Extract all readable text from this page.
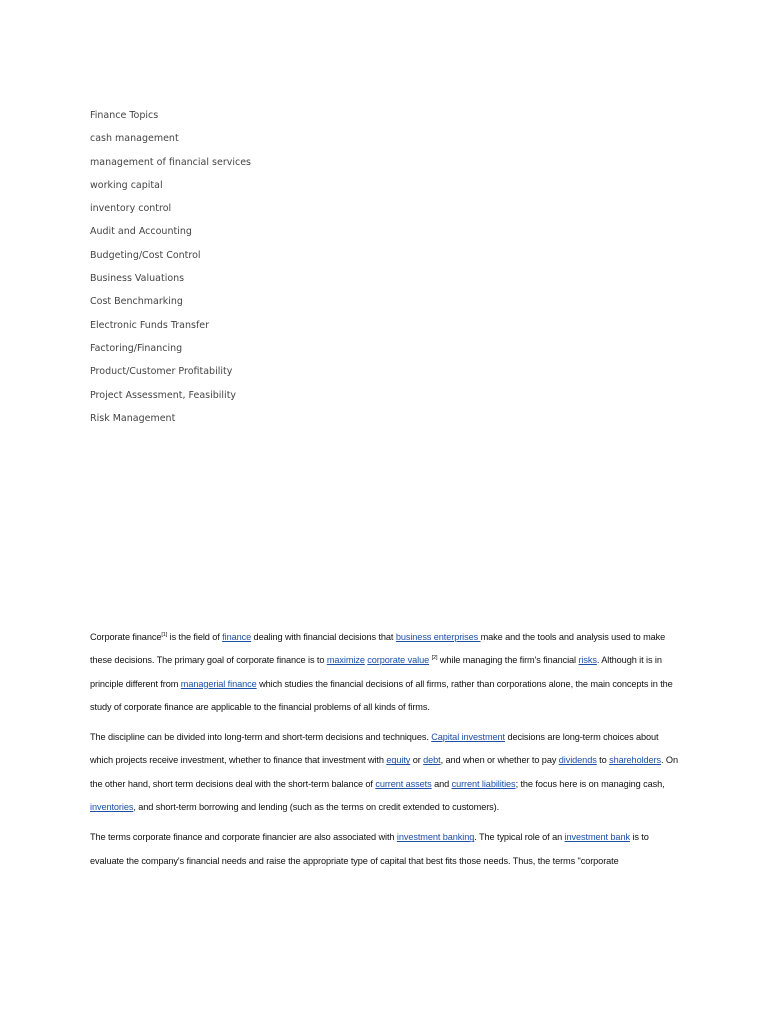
Finance Topics
cash management
management of financial services
working capital
inventory control
Audit and Accounting
Budgeting/Cost Control
Business Valuations
Cost Benchmarking
Electronic Funds Transfer
Factoring/Financing
Product/Customer Profitability
Project Assessment, Feasibility
Risk Management

Corporate finance[1] is the field of finance dealing with financial decisions that business enterprises make and the tools and analysis used to make these decisions. The primary goal of corporate finance is to maximize corporate value [2] while managing the firm's financial risks. Although it is in principle different from managerial finance which studies the financial decisions of all firms, rather than corporations alone, the main concepts in the study of corporate finance are applicable to the financial problems of all kinds of firms.

The discipline can be divided into long-term and short-term decisions and techniques. Capital investment decisions are long-term choices about which projects receive investment, whether to finance that investment with equity or debt, and when or whether to pay dividends to shareholders. On the other hand, short term decisions deal with the short-term balance of current assets and current liabilities; the focus here is on managing cash, inventories, and short-term borrowing and lending (such as the terms on credit extended to customers).

The terms corporate finance and corporate financier are also associated with investment banking. The typical role of an investment bank is to evaluate the company's financial needs and raise the appropriate type of capital that best fits those needs. Thus, the terms "corporate
